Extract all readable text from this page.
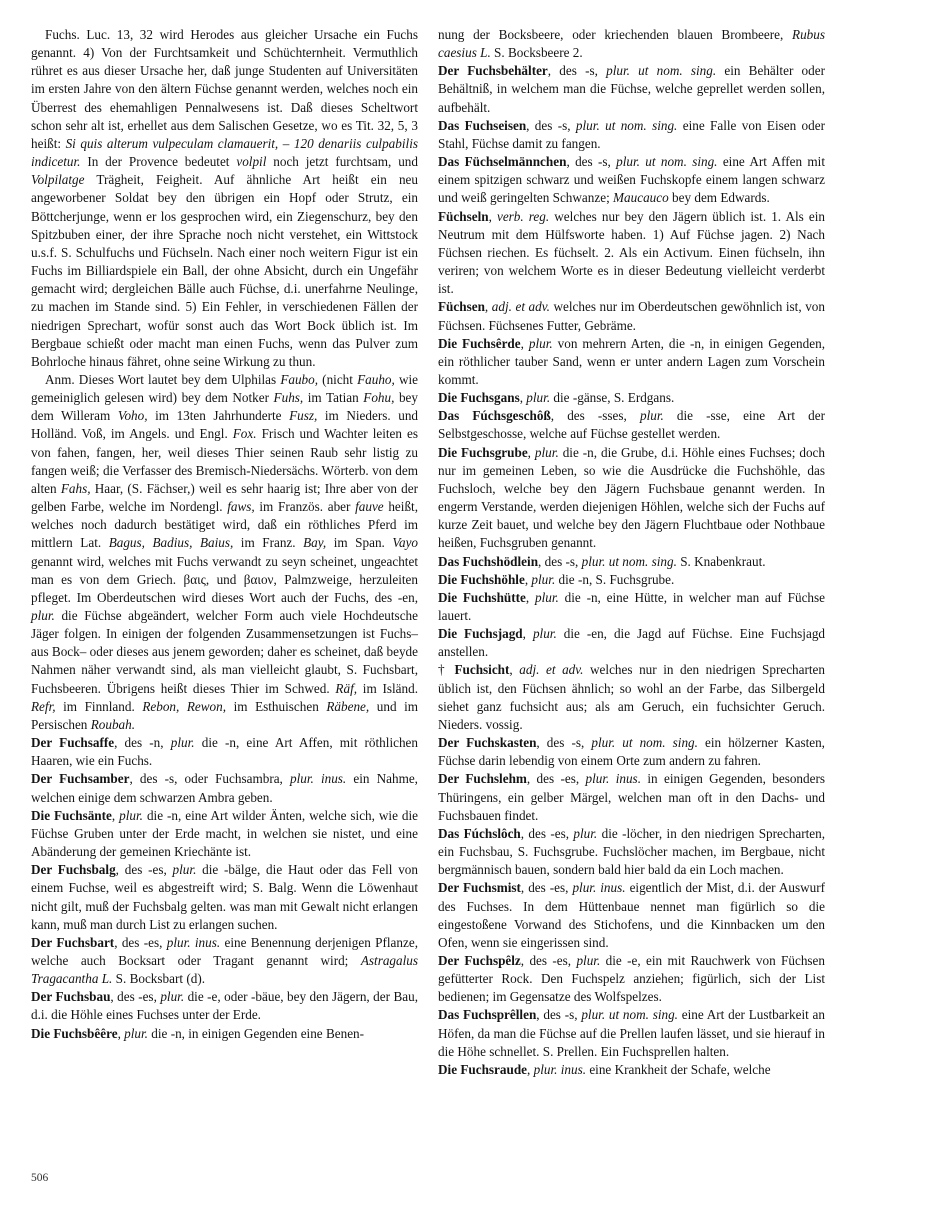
Fuchs. Luc. 13, 32 wird Herodes aus gleicher Ursache ein Fuchs genannt. 4) Von der Furchtsamkeit und Schüchternheit. Vermuthlich rühret es aus dieser Ursache her, daß junge Studenten auf Universitäten im ersten Jahre von den ältern Füchse genannt werden, welches noch ein Überrest des ehemahligen Pennalwesens ist. Daß dieses Scheltwort schon sehr alt ist, erhellet aus dem Salischen Gesetze, wo es Tit. 32, 5, 3 heißt: Si quis alterum vulpeculam clamauerit, – 120 denariis culpabilis indicetur. In der Provence bedeutet volpil noch jetzt furchtsam, und Volpilatge Trägheit, Feigheit. Auf ähnliche Art heißt ein neu angeworbener Soldat bey den übrigen ein Hopf oder Strutz, ein Böttcherjunge, wenn er los gesprochen wird, ein Ziegenschurz, bey den Spitzbuben einer, der ihre Sprache noch nicht verstehet, ein Wittstock u.s.f. S. Schulfuchs und Füchseln. Nach einer noch weitern Figur ist ein Fuchs im Billiardspiele ein Ball, der ohne Absicht, durch ein Ungefähr gemacht wird; dergleichen Bälle auch Füchse, d.i. unerfahrne Neulinge, zu machen im Stande sind. 5) Ein Fehler, in verschiedenen Fällen der niedrigen Sprechart, wofür sonst auch das Wort Bock üblich ist. Im Bergbaue schießt oder macht man einen Fuchs, wenn das Pulver zum Bohrloche hinaus fähret, ohne seine Wirkung zu thun.

Anm. Dieses Wort lautet bey dem Ulphilas Faubo, (nicht Fauho, wie gemeiniglich gelesen wird) bey dem Notker Fuhs, im Tatian Fohu, bey dem Willeram Voho, im 13ten Jahrhunderte Fusz, im Nieders. und Holländ. Voß, im Angels. und Engl. Fox. Frisch und Wachter leiten es von fahen, fangen, her, weil dieses Thier seinen Raub sehr listig zu fangen weiß; die Verfasser des Bremisch-Niedersächs. Wörterb. von dem alten Fahs, Haar, (S. Fächser,) weil es sehr haarig ist; Ihre aber von der gelben Farbe, welche im Nordengl. faws, im Französ. aber fauve heißt, welches noch dadurch bestätiget wird, daß ein röthliches Pferd im mittlern Lat. Bagus, Badius, Baius, im Franz. Bay, im Span. Vayo genannt wird, welches mit Fuchs verwandt zu seyn scheinet, ungeachtet man es von dem Griech. βαις, und βαιον, Palmzweige, herzuleiten pfleget. Im Oberdeutschen wird dieses Wort auch der Fuchs, des -en, plur. die Füchse abgeändert, welcher Form auch viele Hochdeutsche Jäger folgen. In einigen der folgenden Zusammensetzungen ist Fuchs– aus Bock– oder dieses aus jenem geworden; daher es scheinet, daß beyde Nahmen näher verwandt sind, als man vielleicht glaubt, S. Fuchsbart, Fuchsbeeren. Übrigens heißt dieses Thier im Schwed. Räf, im Isländ. Refr, im Finnland. Rebon, Rewon, im Esthuischen Räbene, und im Persischen Roubah.

Der Fuchsaffe, des -n, plur. die -n, eine Art Affen, mit röthlichen Haaren, wie ein Fuchs.

Der Fuchsamber, des -s, oder Fuchsambra, plur. inus. ein Nahme, welchen einige dem schwarzen Ambra geben.

Die Fuchsänte, plur. die -n, eine Art wilder Änten, welche sich, wie die Füchse Gruben unter der Erde macht, in welchen sie nistet, und eine Abänderung der gemeinen Kriechänte ist.

Der Fuchsbalg, des -es, plur. die -bälge, die Haut oder das Fell von einem Fuchse, weil es abgestreift wird; S. Balg. Wenn die Löwenhaut nicht gilt, muß der Fuchsbalg gelten. was man mit Gewalt nicht erlangen kann, muß man durch List zu erlangen suchen.

Der Fuchsbart, des -es, plur. inus. eine Benennung derjenigen Pflanze, welche auch Bocksart oder Tragant genannt wird; Astragalus Tragacantha L. S. Bocksbart (d).

Der Fuchsbau, des -es, plur. die -e, oder -bäue, bey den Jägern, der Bau, d.i. die Höhle eines Fuchses unter der Erde.

Die Fuchsbêêre, plur. die -n, in einigen Gegenden eine Benen-

nung der Bocksbeere, oder kriechenden blauen Brombeere, Rubus caesius L. S. Bocksbeere 2.

Der Fuchsbehälter, des -s, plur. ut nom. sing. ein Behälter oder Behältniß, in welchem man die Füchse, welche geprellet werden sollen, aufbehält.

Das Fuchseisen, des -s, plur. ut nom. sing. eine Falle von Eisen oder Stahl, Füchse damit zu fangen.

Das Füchselmännchen, des -s, plur. ut nom. sing. eine Art Affen mit einem spitzigen schwarz und weißen Fuchskopfe einem langen schwarz und weiß geringelten Schwanze; Maucauco bey dem Edwards.

Füchseln, verb. reg. welches nur bey den Jägern üblich ist. 1. Als ein Neutrum mit dem Hülfsworte haben. 1) Auf Füchse jagen. 2) Nach Füchsen riechen. Es füchselt. 2. Als ein Activum. Einen füchseln, ihn veriren; von welchem Worte es in dieser Bedeutung vielleicht verderbt ist.

Füchsen, adj. et adv. welches nur im Oberdeutschen gewöhnlich ist, von Füchsen. Füchsenes Futter, Gebräme.

Die Fuchsêrde, plur. von mehrern Arten, die -n, in einigen Gegenden, ein röthlicher tauber Sand, wenn er unter andern Lagen zum Vorschein kommt.

Die Fuchsgans, plur. die -gänse, S. Erdgans.

Das Fúchsgeschôß, des -sses, plur. die -sse, eine Art der Selbstgeschosse, welche auf Füchse gestellet werden.

Die Fuchsgrube, plur. die -n, die Grube, d.i. Höhle eines Fuchses; doch nur im gemeinen Leben, so wie die Ausdrücke die Fuchshöhle, das Fuchsloch, welche bey den Jägern Fuchsbaue genannt werden. In engerm Verstande, werden diejenigen Höhlen, welche sich der Fuchs auf kurze Zeit bauet, und welche bey den Jägern Fluchtbaue oder Nothbaue heißen, Fuchsgruben genannt.

Das Fuchshödlein, des -s, plur. ut nom. sing. S. Knabenkraut.

Die Fuchshöhle, plur. die -n, S. Fuchsgrube.

Die Fuchshütte, plur. die -n, eine Hütte, in welcher man auf Füchse lauert.

Die Fuchsjagd, plur. die -en, die Jagd auf Füchse. Eine Fuchsjagd anstellen.

† Fuchsicht, adj. et adv. welches nur in den niedrigen Sprecharten üblich ist, den Füchsen ähnlich; so wohl an der Farbe, das Silbergeld siehet ganz fuchsicht aus; als am Geruch, ein fuchsichter Geruch. Nieders. vossig.

Der Fuchskasten, des -s, plur. ut nom. sing. ein hölzerner Kasten, Füchse darin lebendig von einem Orte zum andern zu fahren.

Der Fuchslehm, des -es, plur. inus. in einigen Gegenden, besonders Thüringens, ein gelber Märgel, welchen man oft in den Dachs- und Fuchsbauen findet.

Das Fúchslôch, des -es, plur. die -löcher, in den niedrigen Sprecharten, ein Fuchsbau, S. Fuchsgrube. Fuchslöcher machen, im Bergbaue, nicht bergmännisch bauen, sondern bald hier bald da ein Loch machen.

Der Fuchsmist, des -es, plur. inus. eigentlich der Mist, d.i. der Auswurf des Fuchses. In dem Hüttenbaue nennet man figürlich so die eingestoßene Vorwand des Stichofens, und die Kinnbacken um den Ofen, wenn sie eingerissen sind.

Der Fuchspêlz, des -es, plur. die -e, ein mit Rauchwerk von Füchsen gefütterter Rock. Den Fuchspelz anziehen; figürlich, sich der List bedienen; im Gegensatze des Wolfspelzes.

Das Fuchsprêllen, des -s, plur. ut nom. sing. eine Art der Lustbarkeit an Höfen, da man die Füchse auf die Prellen laufen lässet, und sie hierauf in die Höhe schnellet. S. Prellen. Ein Fuchsprellen halten.

Die Fuchsraude, plur. inus. eine Krankheit der Schafe, welche

506
